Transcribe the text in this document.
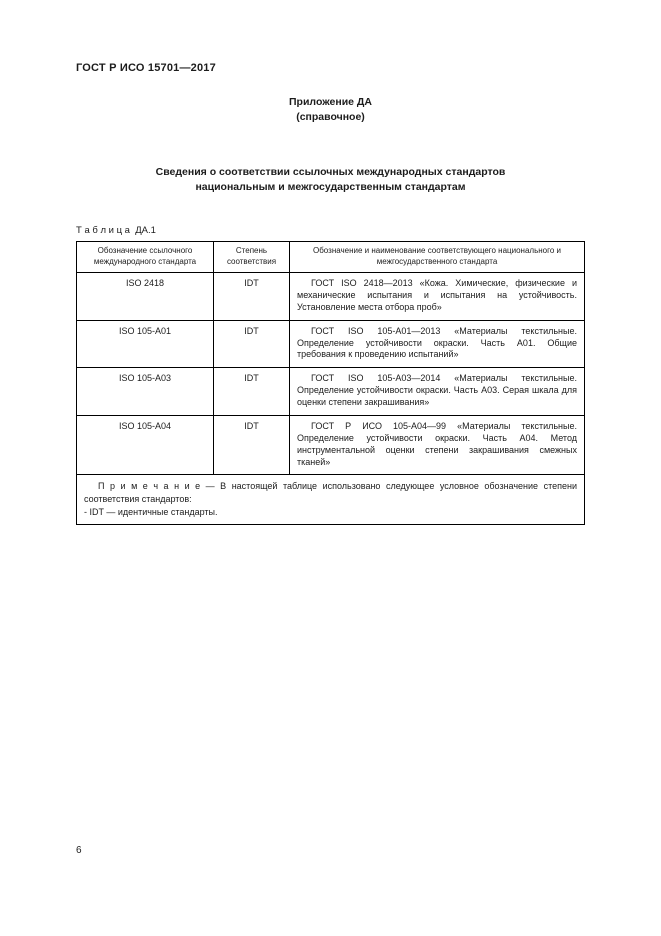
ГОСТ Р ИСО 15701—2017
Приложение ДА
(справочное)
Сведения о соответствии ссылочных международных стандартов
национальным и межгосударственным стандартам
Т а б л и ц а  ДА.1
Обозначение ссылочного международного стандарта	Степень соответствия	Обозначение и наименование соответствующего национального и межгосударственного стандарта
ISO 2418	IDT	ГОСТ ISO 2418—2013 «Кожа. Химические, физические и механические испытания и испытания на устойчивость. Установление места отбора проб»
ISO 105-A01	IDT	ГОСТ ISO 105-A01—2013 «Материалы текстильные. Определение устойчивости окраски. Часть А01. Общие требования к проведению испытаний»
ISO 105-A03	IDT	ГОСТ ISO 105-A03—2014 «Материалы текстильные. Определение устойчивости окраски. Часть А03. Серая шкала для оценки степени закрашивания»
ISO 105-A04	IDT	ГОСТ Р ИСО 105-А04—99 «Материалы текстильные. Определение устойчивости окраски. Часть А04. Метод инструментальной оценки степени закрашивания смежных тканей»

П р и м е ч а н и е — В настоящей таблице использовано следующее условное обозначение степени соответствия стандартов:
- IDT — идентичные стандарты.		
6
